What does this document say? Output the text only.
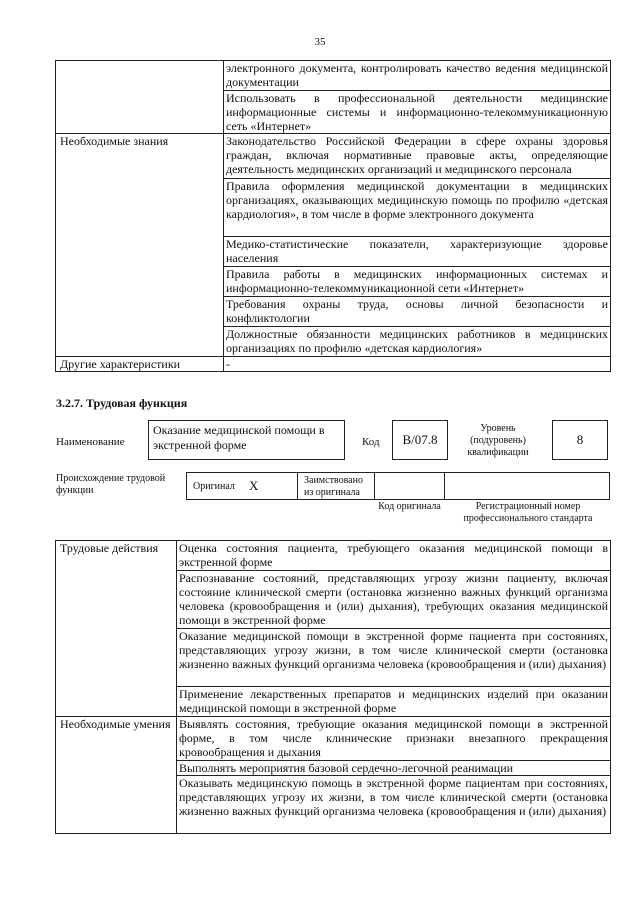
35
	электронного документа, контролировать качество ведения медицинской документации
	Использовать в профессиональной деятельности медицинские информационные системы и информационно-телекоммуникационную сеть «Интернет»
Необходимые знания	Законодательство Российской Федерации в сфере охраны здоровья граждан, включая нормативные правовые акты, определяющие деятельность медицинских организаций и медицинского персонала
	Правила оформления медицинской документации в медицинских организациях, оказывающих медицинскую помощь по профилю «детская кардиология», в том числе в форме электронного документа
	Медико-статистические показатели, характеризующие здоровье населения
	Правила работы в медицинских информационных системах и информационно-телекоммуникационной сети «Интернет»
	Требования охраны труда, основы личной безопасности и конфликтологии
	Должностные обязанности медицинских работников в медицинских организациях по профилю «детская кардиология»
Другие характеристики	-
3.2.7. Трудовая функция
Наименование
Оказание медицинской помощи в экстренной форме	Код	В/07.8
Уровень (подуровень) квалификации
8
Происхождение трудовой функции	Оригинал X	Заимствовано из оригинала
Код оригинала	Регистрационный номер профессионального стандарта
Трудовые действия	Оценка состояния пациента, требующего оказания медицинской помощи в экстренной форме
	Распознавание состояний, представляющих угрозу жизни пациенту, включая состояние клинической смерти (остановка жизненно важных функций организма человека (кровообращения и (или) дыхания), требующих оказания медицинской помощи в экстренной форме
	Оказание медицинской помощи в экстренной форме пациента при состояниях, представляющих угрозу жизни, в том числе клинической смерти (остановка жизненно важных функций организма человека (кровообращения и (или) дыхания)
	Применение лекарственных препаратов и медицинских изделий при оказании медицинской помощи в экстренной форме
Необходимые умения	Выявлять состояния, требующие оказания медицинской помощи в экстренной форме, в том числе клинические признаки внезапного прекращения кровообращения и дыхания
	Выполнять мероприятия базовой сердечно-легочной реанимации
	Оказывать медицинскую помощь в экстренной форме пациентам при состояниях, представляющих угрозу их жизни, в том числе клинической смерти (остановка жизненно важных функций организма человека (кровообращения и (или) дыхания)
